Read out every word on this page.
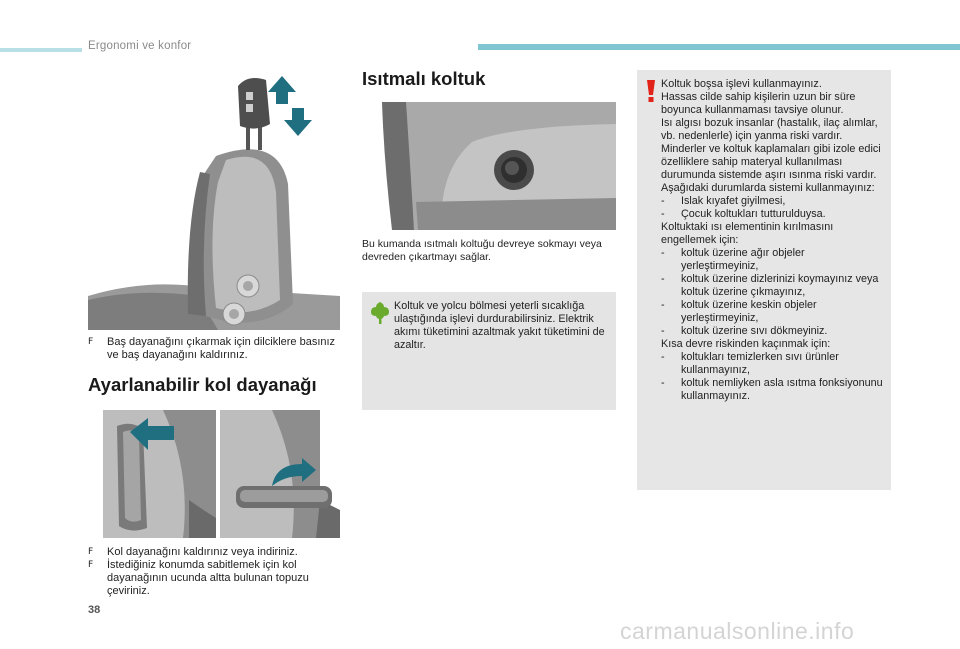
Ergonomi ve konfor
F Baş dayanağını çıkarmak için dilciklere basınız ve baş dayanağını kaldırınız.
Ayarlanabilir kol dayanağı
F Kol dayanağını kaldırınız veya indiriniz.
F İstediğiniz konumda sabitlemek için kol dayanağının ucunda altta bulunan topuzu çeviriniz.
Isıtmalı koltuk
Bu kumanda ısıtmalı koltuğu devreye sokmayı veya devreden çıkartmayı sağlar.
Koltuk ve yolcu bölmesi yeterli sıcaklığa ulaştığında işlevi durdurabilirsiniz. Elektrik akımı tüketimini azaltmak yakıt tüketimini de azaltır.
Koltuk boşsa işlevi kullanmayınız.
Hassas cilde sahip kişilerin uzun bir süre boyunca kullanmaması tavsiye olunur.
Isı algısı bozuk insanlar (hastalık, ilaç alımlar, vb. nedenlerle) için yanma riski vardır.
Minderler ve koltuk kaplamaları gibi izole edici özelliklere sahip materyal kullanılması durumunda sistemde aşırı ısınma riski vardır.
Aşağıdaki durumlarda sistemi kullanmayınız:
- Islak kıyafet giyilmesi,
- Çocuk koltukları tutturulduysa.
Koltuktaki ısı elementinin kırılmasını engellemek için:
- koltuk üzerine ağır objeler yerleştirmeyiniz,
- koltuk üzerine dizlerinizi koymayınız veya koltuk üzerine çıkmayınız,
- koltuk üzerine keskin objeler yerleştirmeyiniz,
- koltuk üzerine sıvı dökmeyiniz.
Kısa devre riskinden kaçınmak için:
- koltukları temizlerken sıvı ürünler kullanmayınız,
- koltuk nemliyken asla ısıtma fonksiyonunu kullanmayınız.
38
carmanualsonline.info
